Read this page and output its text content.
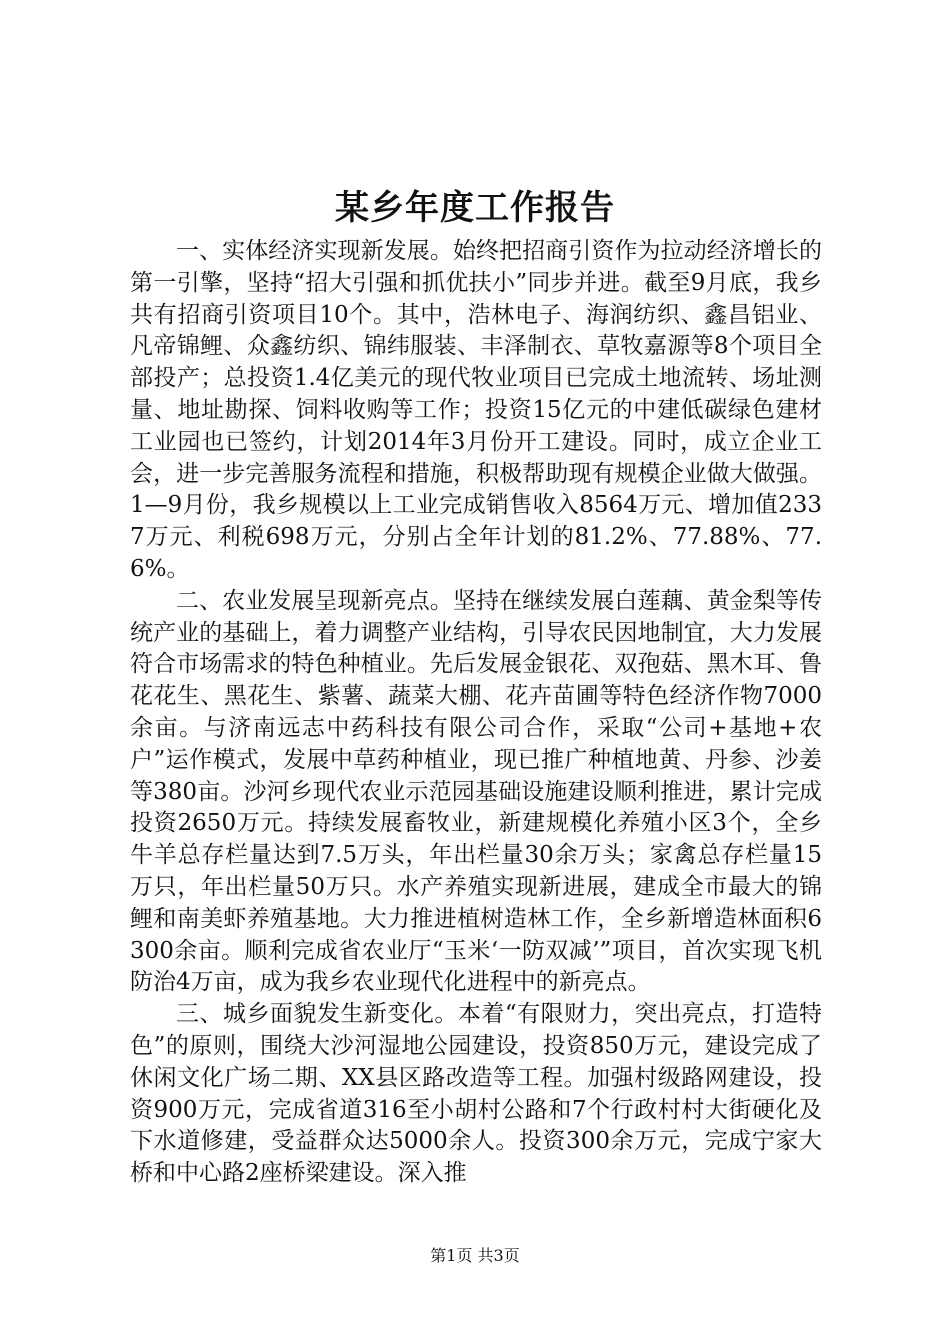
某乡年度工作报告

一、实体经济实现新发展。始终把招商引资作为拉动经济增长的第一引擎，坚持“招大引强和抓优扶小”同步并进。截至9月底，我乡共有招商引资项目10个。其中，浩林电子、海润纺织、鑫昌铝业、凡帝锦鲤、众鑫纺织、锦纬服装、丰泽制衣、草牧嘉源等8个项目全部投产；总投资1.4亿美元的现代牧业项目已完成土地流转、场址测量、地址勘探、饲料收购等工作；投资15亿元的中建低碳绿色建材工业园也已签约，计划2014年3月份开工建设。同时，成立企业工会，进一步完善服务流程和措施，积极帮助现有规模企业做大做强。1—9月份，我乡规模以上工业完成销售收入8564万元、增加值2337万元、利税698万元，分别占全年计划的81.2%、77.88%、77.6%。

二、农业发展呈现新亮点。坚持在继续发展白莲藕、黄金梨等传统产业的基础上，着力调整产业结构，引导农民因地制宜，大力发展符合市场需求的特色种植业。先后发展金银花、双孢菇、黑木耳、鲁花花生、黑花生、紫薯、蔬菜大棚、花卉苗圃等特色经济作物7000余亩。与济南远志中药科技有限公司合作，采取“公司+基地+农户”运作模式，发展中草药种植业，现已推广种植地黄、丹参、沙姜等380亩。沙河乡现代农业示范园基础设施建设顺利推进，累计完成投资2650万元。持续发展畜牧业，新建规模化养殖小区3个，全乡牛羊总存栏量达到7.5万头，年出栏量30余万头；家禽总存栏量15万只，年出栏量50万只。水产养殖实现新进展，建成全市最大的锦鲤和南美虾养殖基地。大力推进植树造林工作，全乡新增造林面积6300余亩。顺利完成省农业厅“玉米‘一防双减’”项目，首次实现飞机防治4万亩，成为我乡农业现代化进程中的新亮点。

三、城乡面貌发生新变化。本着“有限财力，突出亮点，打造特色”的原则，围绕大沙河湿地公园建设，投资850万元，建设完成了休闲文化广场二期、XX县区路改造等工程。加强村级路网建设，投资900万元，完成省道316至小胡村公路和7个行政村村大街硬化及下水道修建，受益群众达5000余人。投资300余万元，完成宁家大桥和中心路2座桥梁建设。深入推

第1页 共3页
